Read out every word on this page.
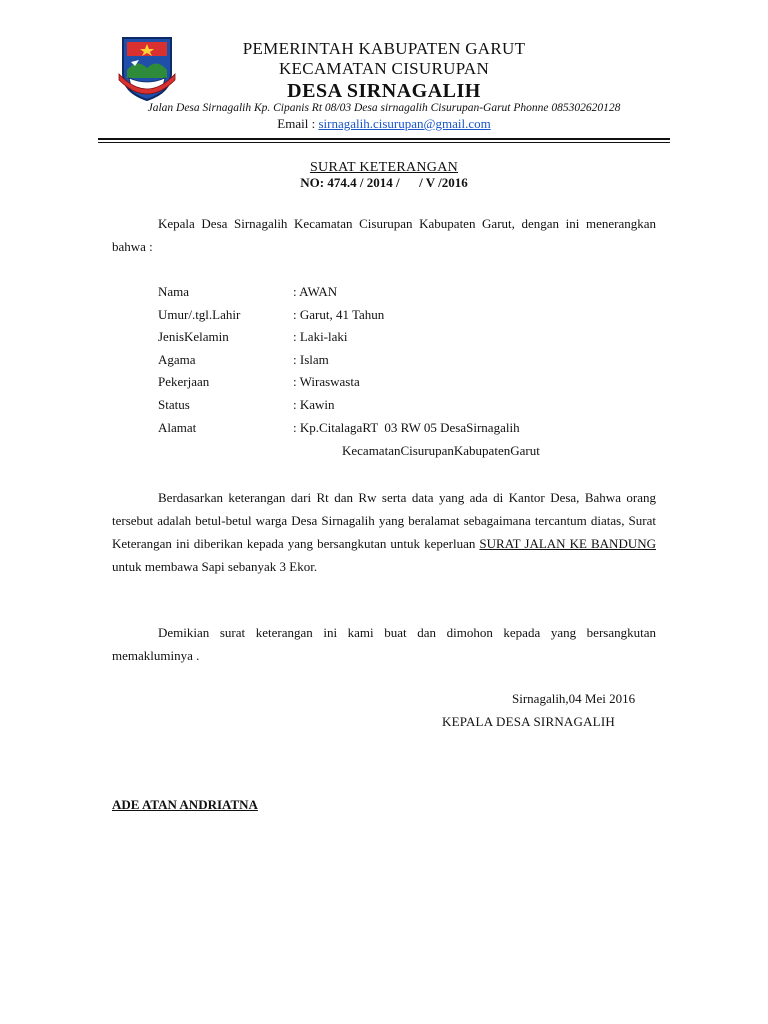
PEMERINTAH KABUPATEN GARUT
KECAMATAN CISURUPAN
DESA SIRNAGALIH
Jalan Desa Sirnagalih Kp. Cipanis Rt 08/03 Desa sirnagalih Cisurupan-Garut Phonne 085302620128
Email : sirnagalih.cisurupan@gmail.com
SURAT KETERANGAN
NO: 474.4 / 2014 /      / V /2016
Kepala Desa Sirnagalih Kecamatan Cisurupan Kabupaten Garut, dengan ini menerangkan bahwa :
Nama	: AWAN
Umur/.tgl.Lahir	: Garut, 41 Tahun
JenisKelamin	: Laki-laki
Agama	: Islam
Pekerjaan	: Wiraswasta
Status	: Kawin
Alamat	: Kp.CitalagaRT  03 RW 05 DesaSirnagalih
KecamatanCisurupanKabupatenGarut
Berdasarkan keterangan dari Rt dan Rw serta data yang ada di Kantor Desa, Bahwa orang tersebut adalah betul-betul warga Desa Sirnagalih yang beralamat sebagaimana tercantum diatas, Surat Keterangan ini diberikan kepada yang bersangkutan untuk keperluan SURAT JALAN KE BANDUNG untuk membawa Sapi sebanyak 3 Ekor.
Demikian surat keterangan ini kami buat dan dimohon kepada yang bersangkutan memakluminya .
Sirnagalih,04 Mei 2016
KEPALA DESA SIRNAGALIH
ADE ATAN ANDRIATNA
